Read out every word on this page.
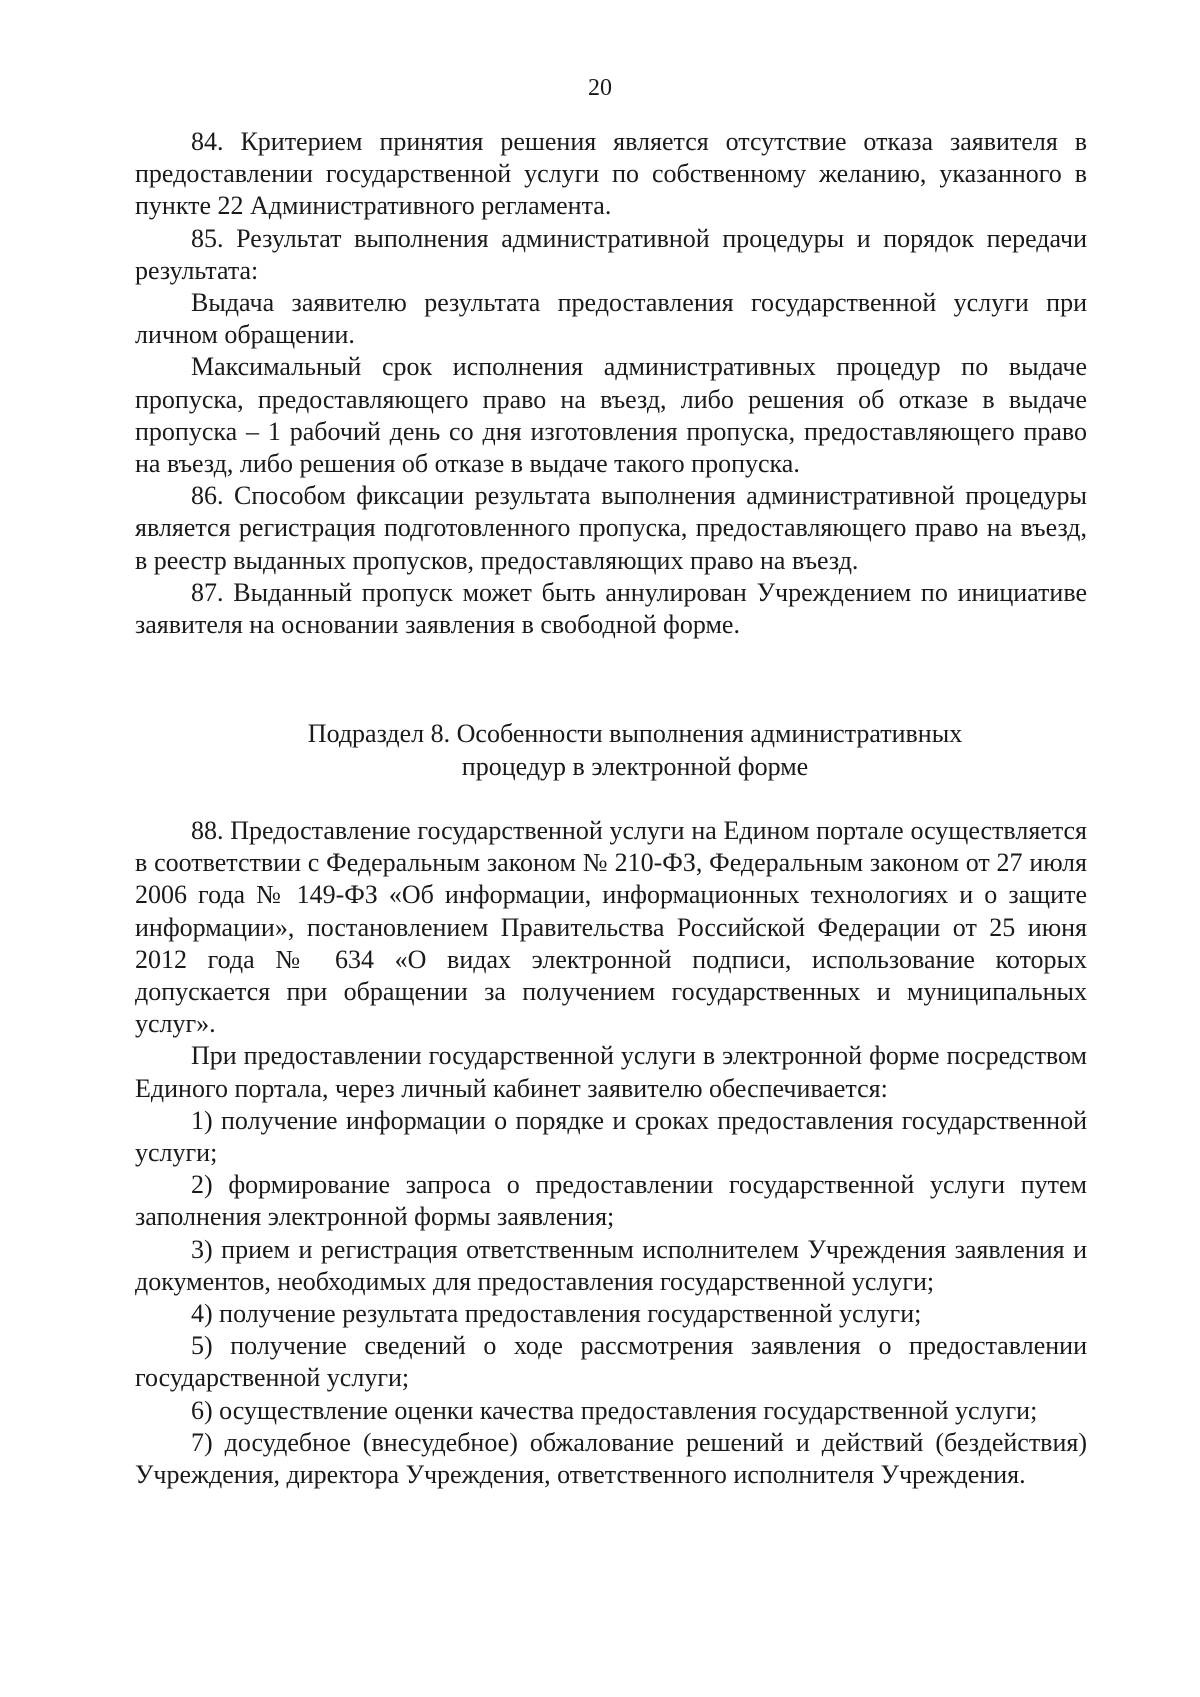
20

84. Критерием принятия решения является отсутствие отказа заявителя в предоставлении государственной услуги по собственному желанию, указанного в пункте 22 Административного регламента.

85. Результат выполнения административной процедуры и порядок передачи результата:

Выдача заявителю результата предоставления государственной услуги при личном обращении.

Максимальный срок исполнения административных процедур по выдаче пропуска, предоставляющего право на въезд, либо решения об отказе в выдаче пропуска – 1 рабочий день со дня изготовления пропуска, предоставляющего право на въезд, либо решения об отказе в выдаче такого пропуска.

86. Способом фиксации результата выполнения административной процедуры является регистрация подготовленного пропуска, предоставляющего право на въезд, в реестр выданных пропусков, предоставляющих право на въезд.

87. Выданный пропуск может быть аннулирован Учреждением по инициативе заявителя на основании заявления в свободной форме.

Подраздел 8. Особенности выполнения административных
процедур в электронной форме

88. Предоставление государственной услуги на Едином портале осуществляется в соответствии с Федеральным законом № 210-ФЗ, Федеральным законом от 27 июля 2006 года № 149-ФЗ «Об информации, информационных технологиях и о защите информации», постановлением Правительства Российской Федерации от 25 июня 2012 года № 634 «О видах электронной подписи, использование которых допускается при обращении за получением государственных и муниципальных услуг».

При предоставлении государственной услуги в электронной форме посредством Единого портала, через личный кабинет заявителю обеспечивается:

1) получение информации о порядке и сроках предоставления государственной услуги;

2) формирование запроса о предоставлении государственной услуги путем заполнения электронной формы заявления;

3) прием и регистрация ответственным исполнителем Учреждения заявления и документов, необходимых для предоставления государственной услуги;

4) получение результата предоставления государственной услуги;

5) получение сведений о ходе рассмотрения заявления о предоставлении государственной услуги;

6) осуществление оценки качества предоставления государственной услуги;

7) досудебное (внесудебное) обжалование решений и действий (бездействия) Учреждения, директора Учреждения, ответственного исполнителя Учреждения.
